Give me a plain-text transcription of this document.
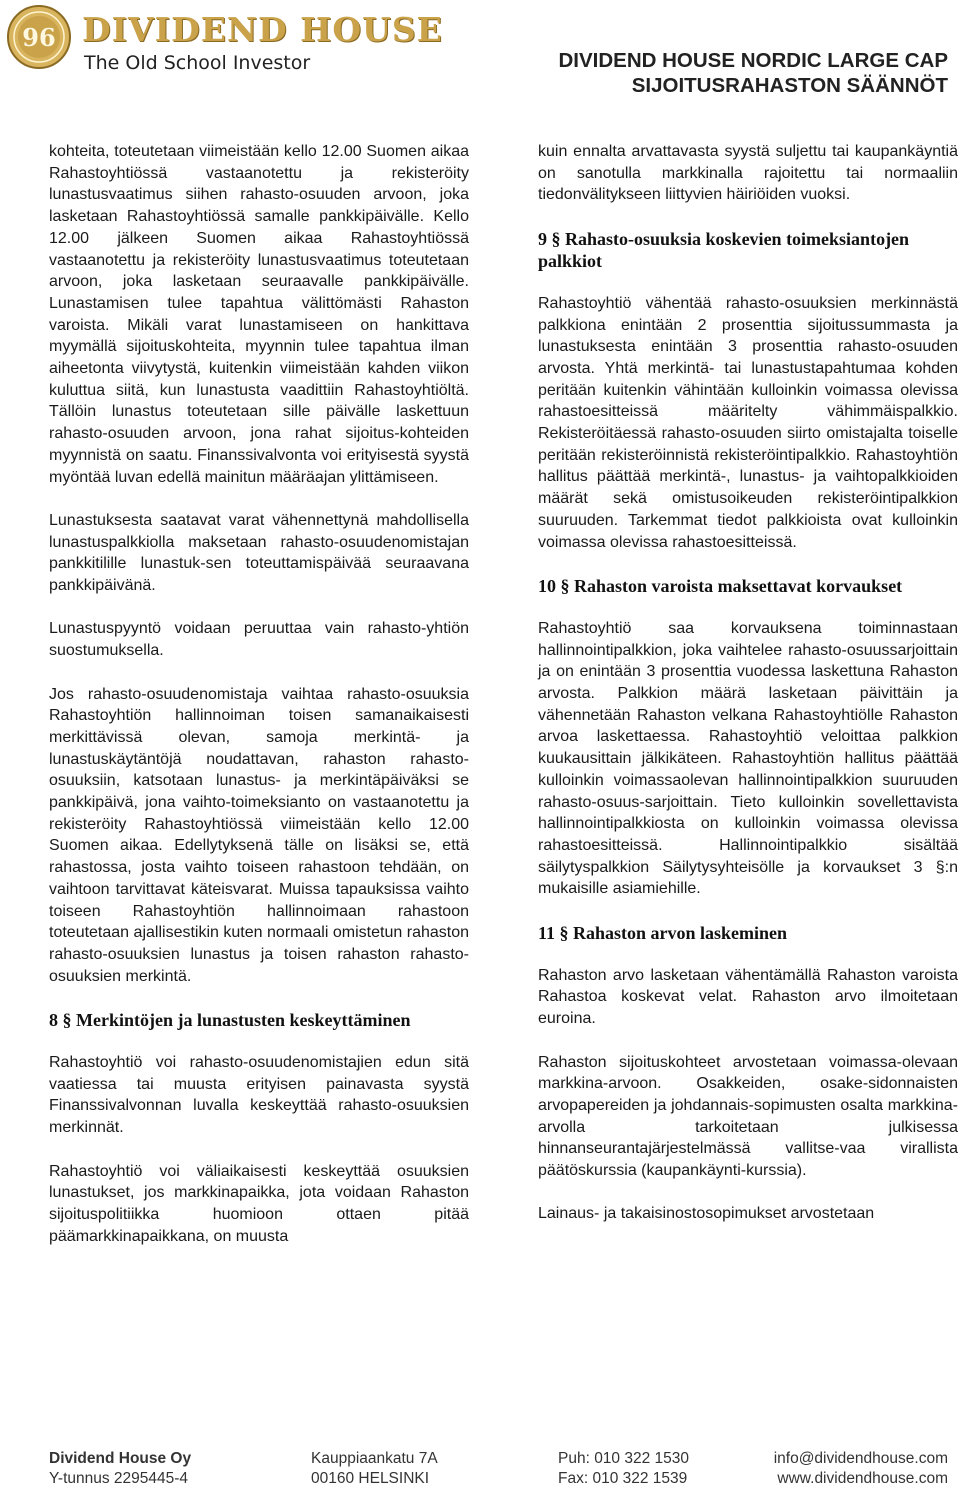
96 DIVIDEND HOUSE
The Old School Investor	DIVIDEND HOUSE NORDIC LARGE CAP
SIJOITUSRAHASTON SÄÄNNÖT

kohteita, toteutetaan viimeistään kello 12.00 Suomen aikaa Rahastoyhtiössä vastaanotettu ja rekisteröity lunastusvaatimus siihen rahasto-osuuden arvoon, joka lasketaan Rahastoyhtiössä samalle pankkipäivälle. Kello 12.00 jälkeen Suomen aikaa Rahastoyhtiössä vastaanotettu ja rekisteröity lunastusvaatimus toteutetaan arvoon, joka lasketaan seuraavalle pankkipäivälle. Lunastamisen tulee tapahtua välittömästi Rahaston varoista. Mikäli varat lunastamiseen on hankittava myymällä sijoituskohteita, myynnin tulee tapahtua ilman aiheetonta viivytystä, kuitenkin viimeistään kahden viikon kuluttua siitä, kun lunastusta vaadittiin Rahastoyhtiöltä. Tällöin lunastus toteutetaan sille päivälle laskettuun rahasto-osuuden arvoon, jona rahat sijoitus-kohteiden myynnistä on saatu. Finanssivalvonta voi erityisestä syystä myöntää luvan edellä mainitun määräajan ylittämiseen.

Lunastuksesta saatavat varat vähennettynä mahdollisella lunastuspalkkiolla maksetaan rahasto-osuudenomistajan pankkitilille lunastuk-sen toteuttamispäivää seuraavana pankkipäivänä.

Lunastuspyyntö voidaan peruuttaa vain rahasto-yhtiön suostumuksella.

Jos rahasto-osuudenomistaja vaihtaa rahasto-osuuksia Rahastoyhtiön hallinnoiman toisen samanaikaisesti merkittävissä olevan, samoja merkintä- ja lunastuskäytäntöjä noudattavan, rahaston rahasto-osuuksiin, katsotaan lunastus- ja merkintäpäiväksi se pankkipäivä, jona vaihto-toimeksianto on vastaanotettu ja rekisteröity Rahastoyhtiössä viimeistään kello 12.00 Suomen aikaa. Edellytyksenä tälle on lisäksi se, että rahastossa, josta vaihto toiseen rahastoon tehdään, on vaihtoon tarvittavat käteisvarat. Muissa tapauksissa vaihto toiseen Rahastoyhtiön hallinnoimaan rahastoon toteutetaan ajallisestikin kuten normaali omistetun rahaston rahasto-osuuksien lunastus ja toisen rahaston rahasto-osuuksien merkintä.

8 § Merkintöjen ja lunastusten keskeyttäminen

Rahastoyhtiö voi rahasto-osuudenomistajien edun sitä vaatiessa tai muusta erityisen painavasta syystä Finanssivalvonnan luvalla keskeyttää rahasto-osuuksien merkinnät.

Rahastoyhtiö voi väliaikaisesti keskeyttää osuuksien lunastukset, jos markkinapaikka, jota voidaan Rahaston sijoituspolitiikka huomioon ottaen pitää päämarkkinapaikkana, on muusta

kuin ennalta arvattavasta syystä suljettu tai kaupankäyntiä on sanotulla markkinalla rajoitettu tai normaaliin tiedonvälitykseen liittyvien häiriöiden vuoksi.

9 § Rahasto-osuuksia koskevien toimeksiantojen palkkiot

Rahastoyhtiö vähentää rahasto-osuuksien merkinnästä palkkiona enintään 2 prosenttia sijoitussummasta ja lunastuksesta enintään 3 prosenttia rahasto-osuuden arvosta. Yhtä merkintä- tai lunastustapahtumaa kohden peritään kuitenkin vähintään kulloinkin voimassa olevissa rahastoesitteissä määritelty vähimmäispalkkio. Rekisteröitäessä rahasto-osuuden siirto omistajalta toiselle peritään rekisteröinnistä rekisteröintipalkkio. Rahastoyhtiön hallitus päättää merkintä-, lunastus- ja vaihtopalkkioiden määrät sekä omistusoikeuden rekisteröintipalkkion suuruuden. Tarkemmat tiedot palkkioista ovat kulloinkin voimassa olevissa rahastoesitteissä.

10 § Rahaston varoista maksettavat korvaukset

Rahastoyhtiö saa korvauksena toiminnastaan hallinnointipalkkion, joka vaihtelee rahasto-osuussarjoittain ja on enintään 3 prosenttia vuodessa laskettuna Rahaston arvosta. Palkkion määrä lasketaan päivittäin ja vähennetään Rahaston velkana Rahastoyhtiölle Rahaston arvoa laskettaessa. Rahastoyhtiö veloittaa palkkion kuukausittain jälkikäteen. Rahastoyhtiön hallitus päättää kulloinkin voimassaolevan hallinnointipalkkion suuruuden rahasto-osuus-sarjoittain. Tieto kulloinkin sovellettavista hallinnointipalkkiosta on kulloinkin voimassa olevissa rahastoesitteissä. Hallinnointipalkkio sisältää säilytyspalkkion Säilytysyhteisölle ja korvaukset 3 §:n mukaisille asiamiehille.

11 § Rahaston arvon laskeminen

Rahaston arvo lasketaan vähentämällä Rahaston varoista Rahastoa koskevat velat. Rahaston arvo ilmoitetaan euroina.

Rahaston sijoituskohteet arvostetaan voimassa-olevaan markkina-arvoon. Osakkeiden, osake-sidonnaisten arvopapereiden ja johdannais-sopimusten osalta markkina-arvolla tarkoitetaan julkisessa hinnanseurantajärjestelmässä vallitse-vaa virallista päätöskurssia (kaupankäynti-kurssia).

Lainaus- ja takaisinostosopimukset arvostetaan

Dividend House Oy
Y-tunnus 2295445-4
Kauppiaankatu 7A
00160 HELSINKI
Puh: 010 322 1530
Fax: 010 322 1539
info@dividendhouse.com
www.dividendhouse.com
